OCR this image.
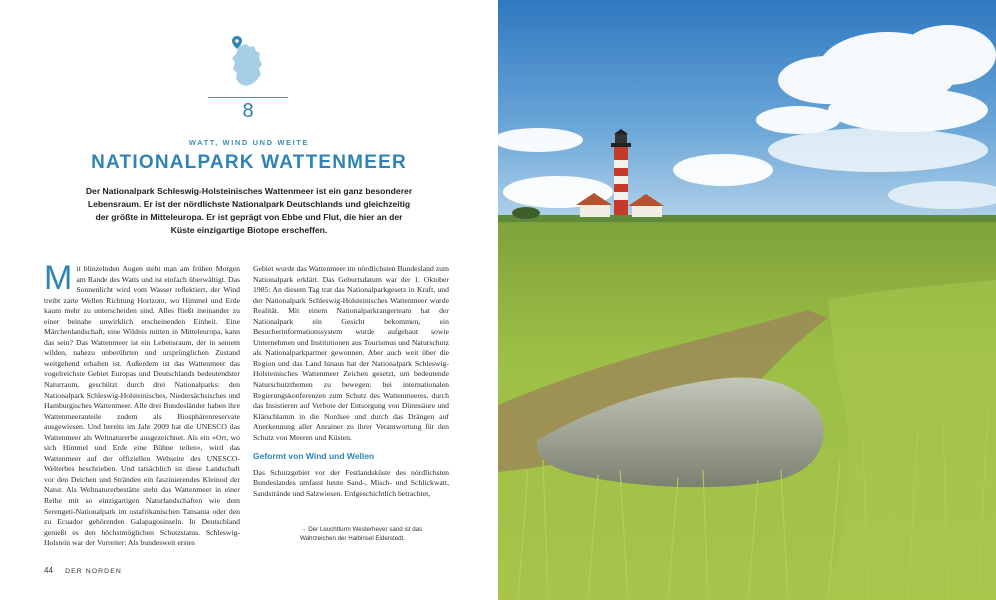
8
WATT, WIND UND WEITE
NATIONALPARK WATTENMEER

Der Nationalpark Schleswig-Holsteinisches Wattenmeer ist ein ganz besonderer Lebensraum. Er ist der nördlichste Nationalpark Deutschlands und gleichzeitig der größte in Mitteleuropa. Er ist geprägt von Ebbe und Flut, die hier an der Küste einzigartige Biotope erscheffen.

M it blinzelnden Augen steht man am frühen Morgen am Rande des Watts und ist einfach überwältigt. Das Sonnenlicht wird vom Wasser reflektiert, der Wind treibt zarte Wellen Richtung Horizont, wo Himmel und Erde kaum mehr zu unterscheiden sind. Alles fließt ineinander zu einer beinahe unwirklich erscheinenden Einheit. Eine Märchenlandschaft, eine Wildnis mitten in Mitteleuropa, kann das sein? Das Wattenmeer ist ein Lebensraum, der in seinem wilden, nahezu unberührten und ursprünglichen Zustand weitgehend erhalten ist. Außerdem ist das Wattenmeer das vogelreichste Gebiet Europas und Deutschlands bedeutendster Naturraum, geschützt durch drei Nationalparks: den Nationalpark Schleswig-Holsteinisches, Niedersächsisches und Hamburgisches Wattenmeer. Alle drei Bundesländer haben ihre Wattenmeeranteile zudem als Biosphärenreservate ausgewiesen. Und bereits im Jahr 2009 hat die UNESCO das Wattenmeer als Weltnaturerbe ausgezeichnet. Als ein »Ort, wo sich Himmel und Erde eine Bühne teilen«, wird das Wattenmeer auf der offiziellen Webseite des UNESCO-Welterbes beschrieben. Und tatsächlich ist diese Landschaft vor den Deichen und Stränden ein faszinierendes Kleinod der Natur. Als Weltnaturerbestätte steht das Wattenmeer in einer Reihe mit so einzigartigen Naturlandschaften wie dem Serengeti-Nationalpark im ostafrikanischen Tansania oder den zu Ecuador gehörenden Galapagosinseln. In Deutschland genießt es den höchstmöglichen Schutzstatus. Schleswig-Holstein war der Vorreiter: Als bundesweit erstes

Gebiet wurde das Wattenmeer im nördlichsten Bundesland zum Nationalpark erklärt. Das Geburtsdatum war der 1. Oktober 1985: An diesem Tag trat das Nationalparkgesetz in Kraft, und der Nationalpark Schleswig-Holsteinisches Wattenmeer wurde Realität. Mit einem Nationalparkrangerteam hat der Nationalpark ein Gesicht bekommen, ein Besucherinformationssystem wurde aufgebaut sowie Unternehmen und Institutionen aus Tourismus und Naturschutz als Nationalparkpartner gewonnen. Aber auch weit über die Region und das Land hinaus hat der Nationalpark Schleswig-Holsteinisches Wattenmeer Zeichen gesetzt, um bedeutende Naturschutzthemen zu bewegen: bei internationalen Regierungskonferenzen zum Schutz des Wattenmeeres, durch das Insistieren auf Verbote der Entsorgung von Dünnsäure und Klärschlamm in die Nordsee und durch das Drängen auf Anerkennung aller Anrainer zu ihrer Verantwortung für den Schutz von Meeren und Küsten.

Geformt von Wind und Wellen

Das Schutzgebiet vor der Festlandsküste des nördlichsten Bundeslandes umfasst heute Sand-, Misch- und Schlickwatt, Sandstrände und Salzwiesen. Erdgeschichtlich betrachtet,

→ Der Leuchtturm Westerhever sand ist das Wahrzeichen der Halbinsel Eiderstedt.
44 DER NORDEN
